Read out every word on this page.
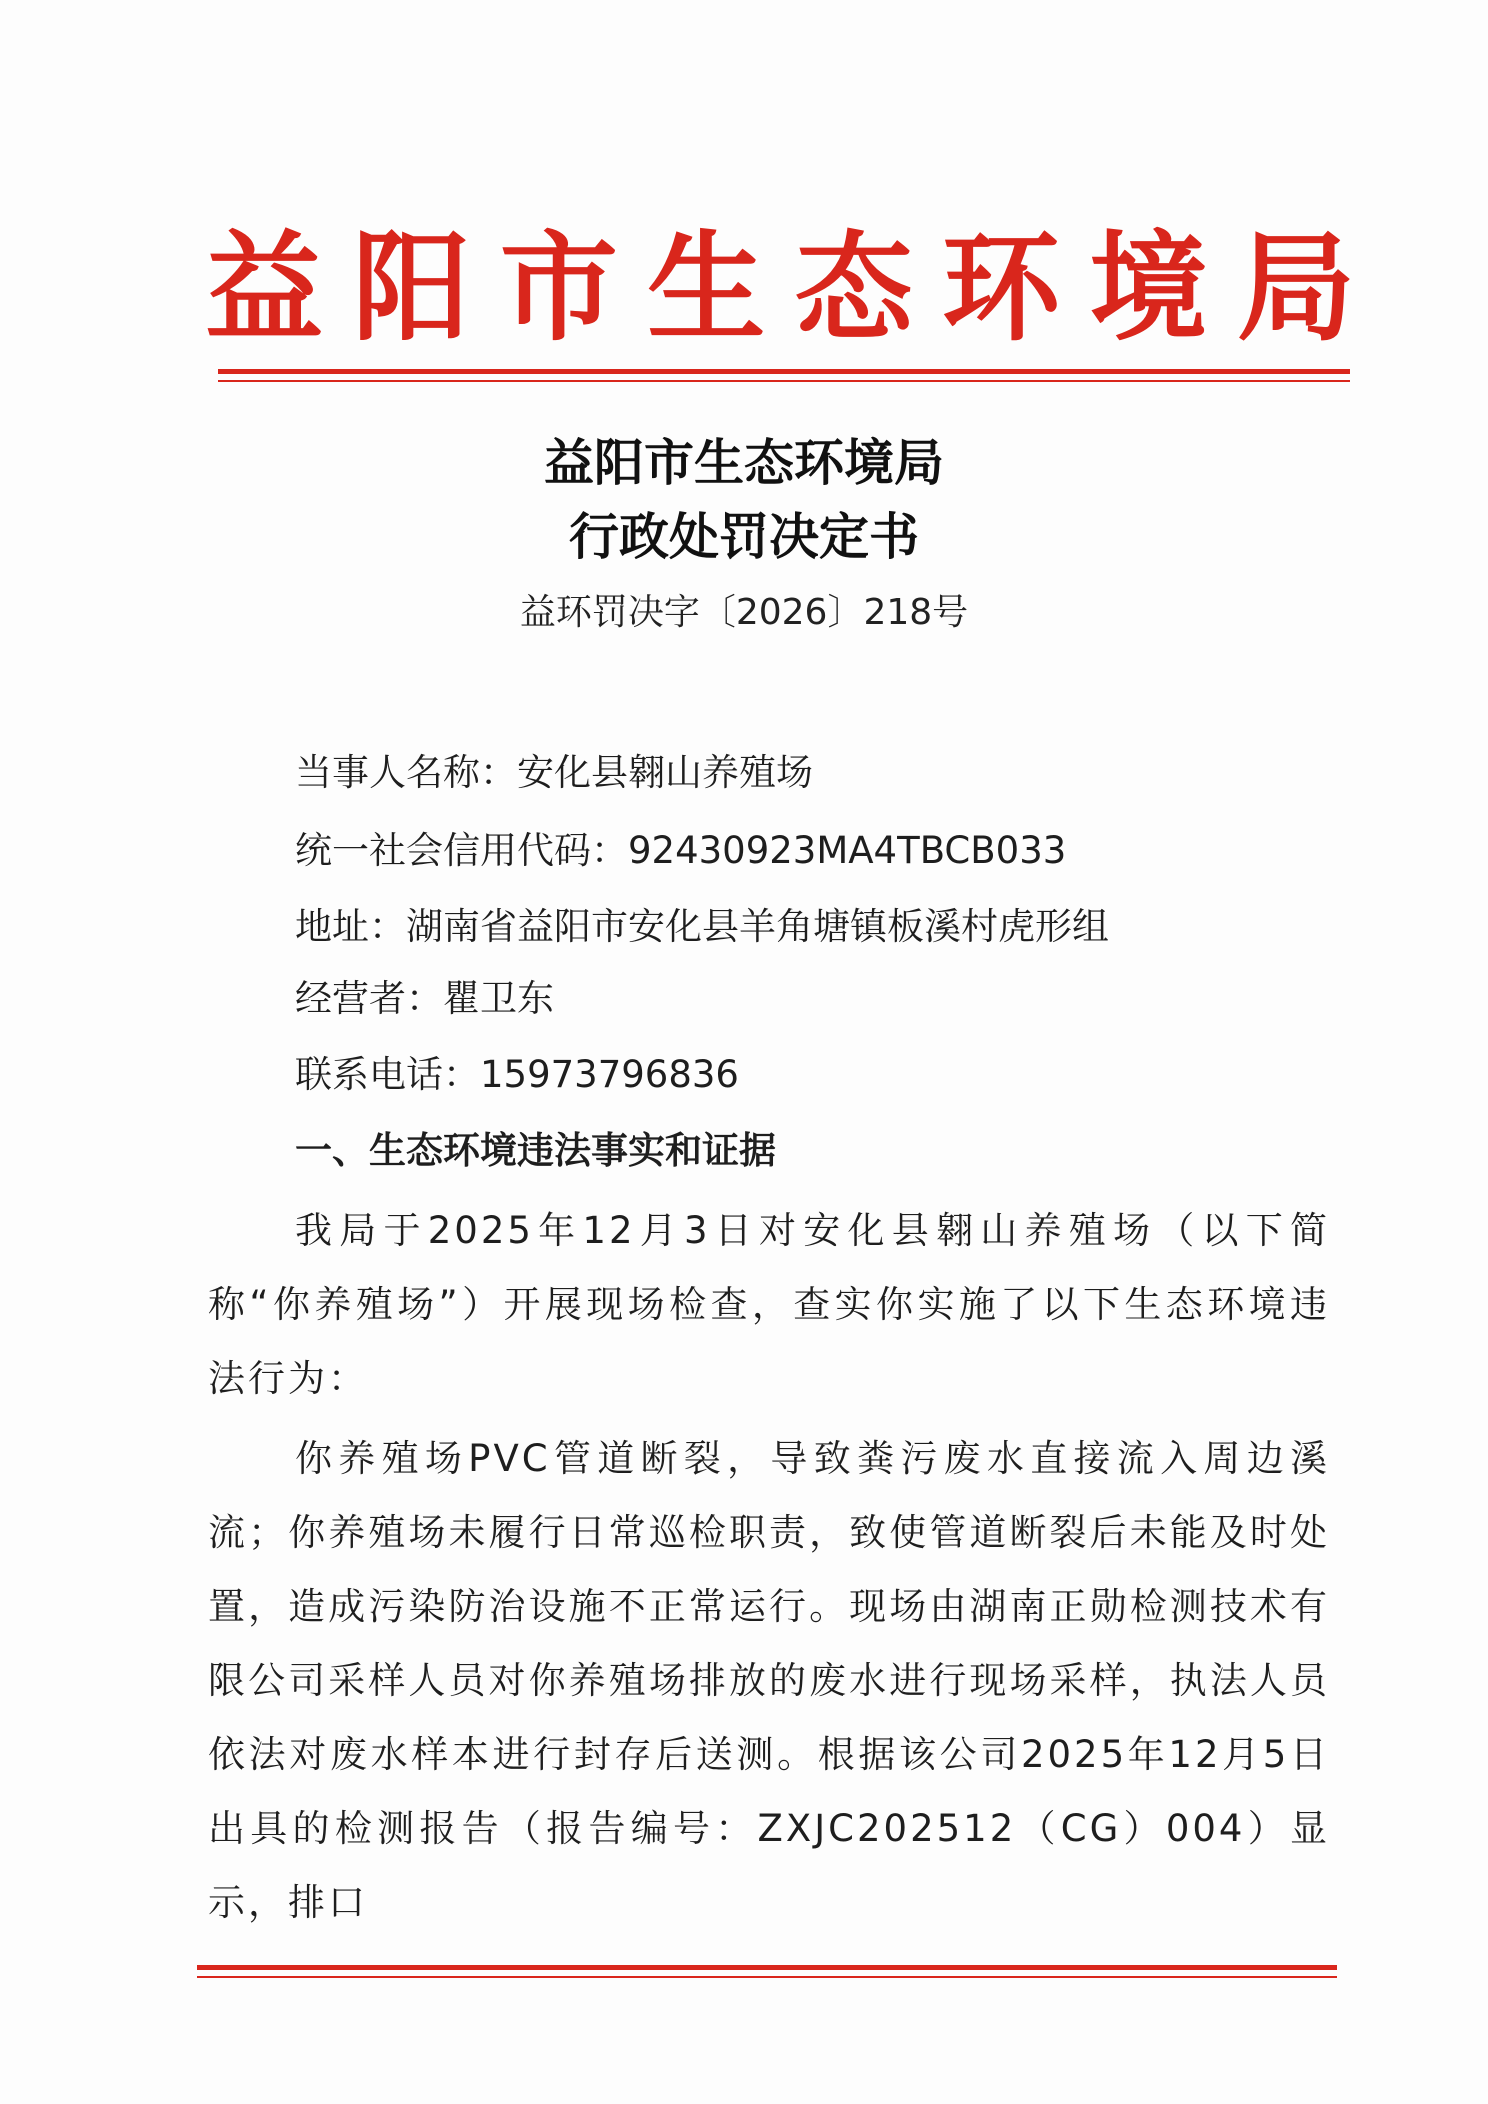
益 阳 市 生 态 环 境 局
益阳市生态环境局
行政处罚决定书
益环罚决字〔2026〕218号
当事人名称：安化县翱山养殖场
统一社会信用代码：92430923MA4TBCB033
地址：湖南省益阳市安化县羊角塘镇板溪村虎形组
经营者：瞿卫东
联系电话：15973796836
一、生态环境违法事实和证据

我局于2025年12月3日对安化县翱山养殖场（以下简称“你养殖场”）开展现场检查，查实你实施了以下生态环境违法行为：

你养殖场PVC管道断裂，导致粪污废水直接流入周边溪流；你养殖场未履行日常巡检职责，致使管道断裂后未能及时处置，造成污染防治设施不正常运行。现场由湖南正勋检测技术有限公司采样人员对你养殖场排放的废水进行现场采样，执法人员依法对废水样本进行封存后送测。根据该公司2025年12月5日出具的检测报告（报告编号：ZXJC202512（CG）004）显示，排口
